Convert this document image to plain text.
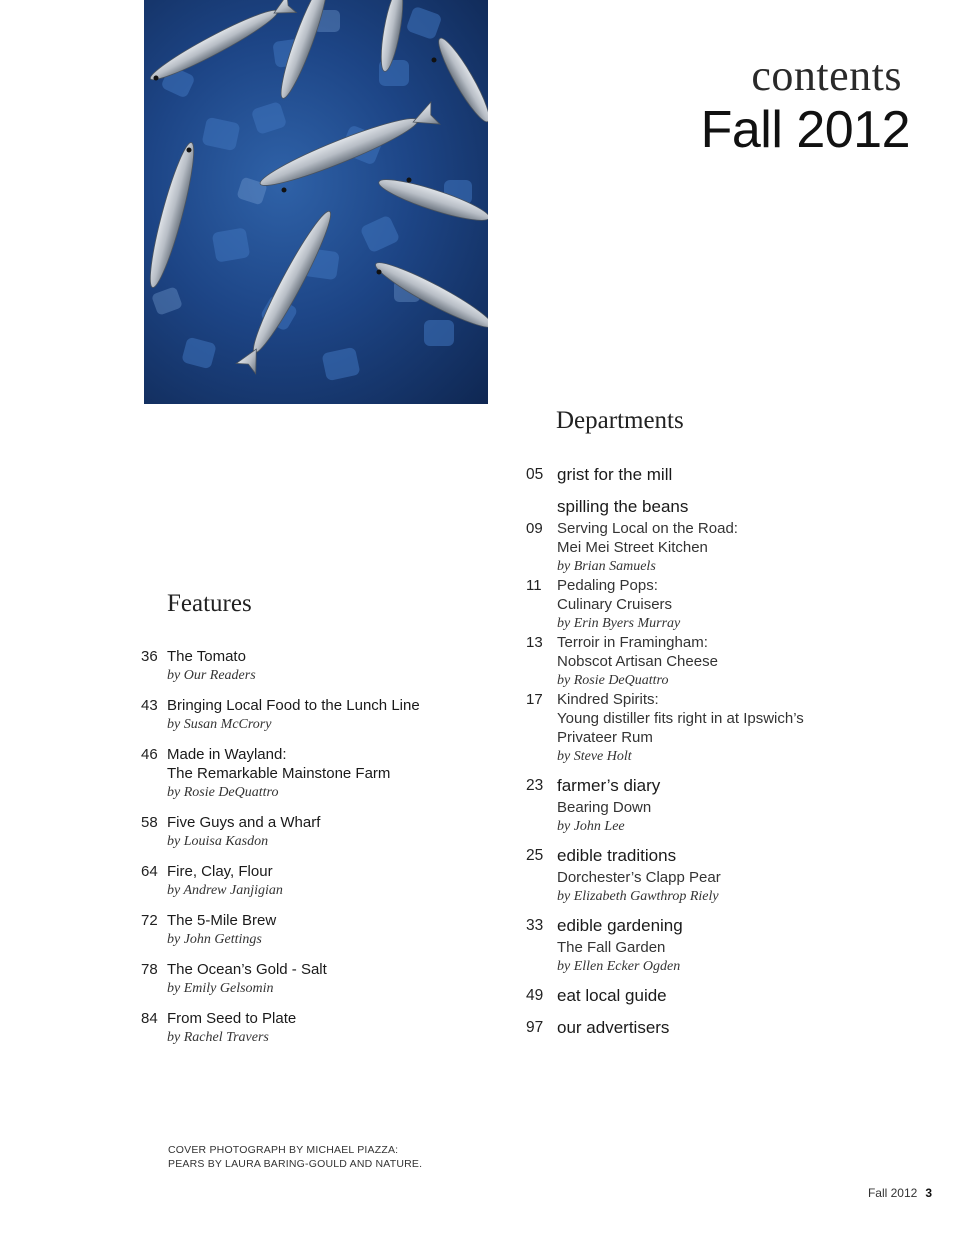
contents
Fall 2012
Features
36 The Tomato
by Our Readers
43 Bringing Local Food to the Lunch Line
by Susan McCrory
46 Made in Wayland:
The Remarkable Mainstone Farm
by Rosie DeQuattro
58 Five Guys and a Wharf
by Louisa Kasdon
64 Fire, Clay, Flour
by Andrew Janjigian
72 The 5-Mile Brew
by John Gettings
78 The Ocean’s Gold - Salt
by Emily Gelsomin
84 From Seed to Plate
by Rachel Travers
Departments
05 grist for the mill
spilling the beans
09 Serving Local on the Road:
Mei Mei Street Kitchen
by Brian Samuels
11	Pedaling Pops:
Culinary Cruisers
by Erin Byers Murray
13 Terroir in Framingham:
Nobscot Artisan Cheese
by Rosie DeQuattro
17 Kindred Spirits:
Young distiller fits right in at Ipswich’s
Privateer Rum
by Steve Holt
23 farmer’s diary
Bearing Down
by John Lee
25 edible traditions
Dorchester’s Clapp Pear
by Elizabeth Gawthrop Riely
33 edible gardening
The Fall Garden
by Ellen Ecker Ogden
49 eat local guide
97 our advertisers
COVER PHOTOGRAPH BY MICHAEL PIAZZA:
PEARS BY LAURA BARING-GOULD AND NATURE.
Fall 2012 3
